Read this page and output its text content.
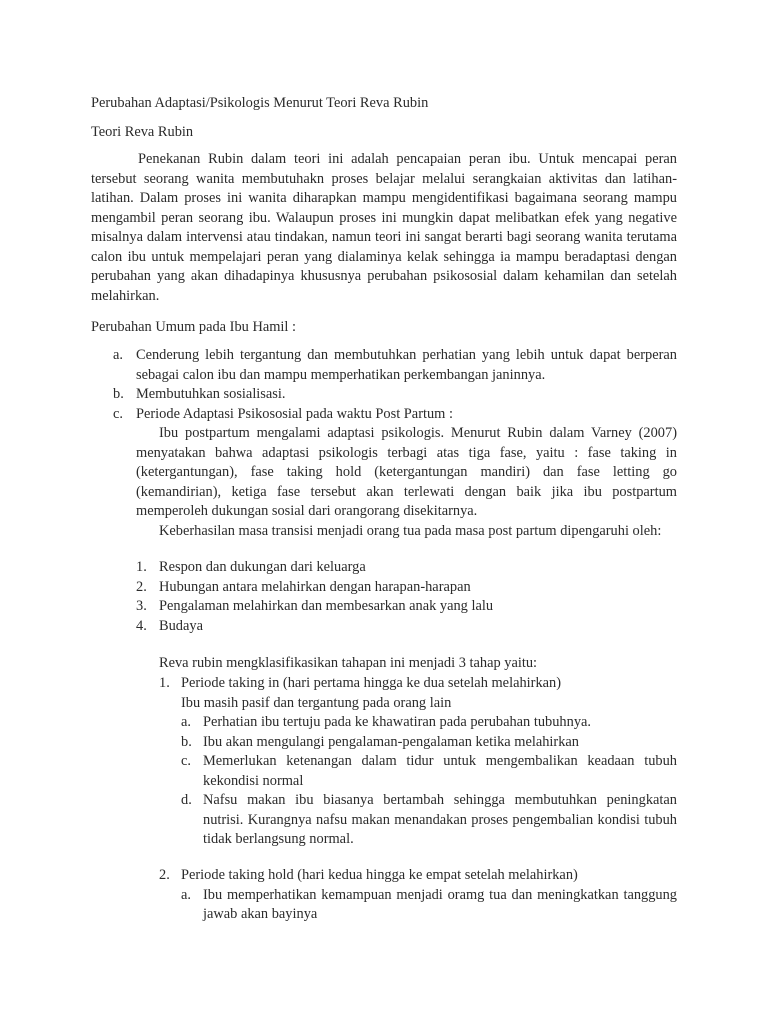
Perubahan Adaptasi/Psikologis Menurut Teori Reva Rubin
Teori Reva Rubin

Penekanan Rubin dalam teori ini adalah pencapaian peran ibu. Untuk mencapai peran tersebut seorang wanita membutuhakn proses belajar melalui serangkaian aktivitas dan latihan-latihan. Dalam proses ini wanita diharapkan mampu mengidentifikasi bagaimana seorang mampu mengambil peran seorang ibu. Walaupun proses ini mungkin dapat melibatkan efek yang negative misalnya dalam intervensi atau tindakan, namun teori ini sangat berarti bagi seorang wanita terutama calon ibu untuk mempelajari peran yang dialaminya kelak sehingga ia mampu beradaptasi dengan perubahan yang akan dihadapinya khususnya perubahan psikososial dalam kehamilan dan setelah melahirkan.

Perubahan Umum pada Ibu Hamil :
a. Cenderung lebih tergantung dan membutuhkan perhatian yang lebih untuk dapat berperan sebagai calon ibu dan mampu memperhatikan perkembangan janinnya.
b. Membutuhkan sosialisasi.
c. Periode Adaptasi Psikososial pada waktu Post Partum :

Ibu postpartum mengalami adaptasi psikologis. Menurut Rubin dalam Varney (2007) menyatakan bahwa adaptasi psikologis terbagi atas tiga fase, yaitu : fase taking in (ketergantungan), fase taking hold (ketergantungan mandiri) dan fase letting go (kemandirian), ketiga fase tersebut akan terlewati dengan baik jika ibu postpartum memperoleh dukungan sosial dari orangorang disekitarnya.

Keberhasilan masa transisi menjadi orang tua pada masa post partum dipengaruhi oleh:

1. Respon dan dukungan dari keluarga
2. Hubungan antara melahirkan dengan harapan-harapan
3. Pengalaman melahirkan dan membesarkan anak yang lalu
4. Budaya
Reva rubin mengklasifikasikan tahapan ini menjadi 3 tahap yaitu:
1. Periode taking in (hari pertama hingga ke dua setelah melahirkan)
Ibu masih pasif dan tergantung pada orang lain
a. Perhatian ibu tertuju pada ke khawatiran pada perubahan tubuhnya.
b. Ibu akan mengulangi pengalaman-pengalaman ketika melahirkan
c. Memerlukan ketenangan dalam tidur untuk mengembalikan keadaan tubuh kekondisi normal
d. Nafsu makan ibu biasanya bertambah sehingga membutuhkan peningkatan nutrisi. Kurangnya nafsu makan menandakan proses pengembalian kondisi tubuh tidak berlangsung normal.
2. Periode taking hold (hari kedua hingga ke empat setelah melahirkan)
a. Ibu memperhatikan kemampuan menjadi oramg tua dan meningkatkan tanggung jawab akan bayinya
